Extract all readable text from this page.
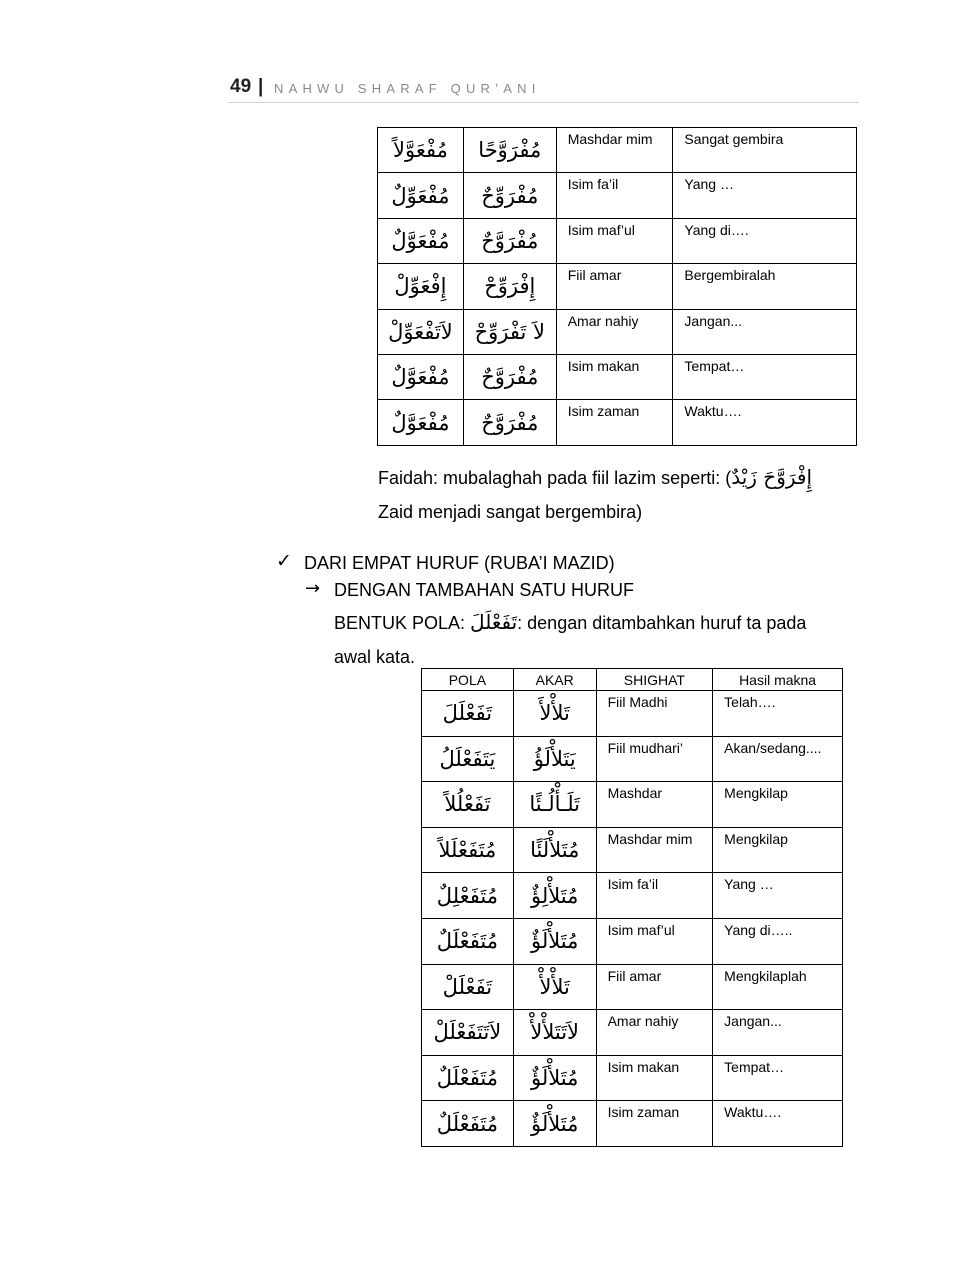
49 | NAHWU SHARAF QUR’ANI
مُفْعَوَّلاً	مُفْرَوَّحًا	Mashdar mim	Sangat gembira
مُفْعَوِّلٌ	مُفْرَوِّحٌ	Isim fa’il	Yang …
مُفْعَوَّلٌ	مُفْرَوَّحٌ	Isim maf’ul	Yang di….
إِفْعَوِّلْ	إِفْرَوِّحْ	Fiil amar	Bergembiralah
لاَتَفْعَوِّلْ	لاَ تَفْرَوِّحْ	Amar nahiy	Jangan...
مُفْعَوَّلٌ	مُفْرَوَّحٌ	Isim makan	Tempat…
مُفْعَوَّلٌ	مُفْرَوَّحٌ	Isim zaman	Waktu….
Faidah: mubalaghah pada fiil lazim seperti: (إِفْرَوَّحَ زَيْدٌ
Zaid menjadi sangat bergembira)
✓ DARI EMPAT HURUF (RUBA’I MAZID)
→ DENGAN TAMBAHAN SATU HURUF
BENTUK POLA: تَفَعْلَلَ: dengan ditambahkan huruf ta pada
awal kata.
POLA	AKAR	SHIGHAT	Hasil makna
تَفَعْلَلَ	تَلأْلأَ	Fiil Madhi	Telah….
يَتَفَعْلَلُ	يَتَلأْلَؤُ	Fiil mudhari’	Akan/sedang....
تَفَعْلُلاً	تَلَـأْلُـئًا	Mashdar	Mengkilap
مُتَفَعْلَلاً	مُتَلأْلَئًا	Mashdar mim	Mengkilap
مُتَفَعْلِلٌ	مُتَلأْلِؤٌ	Isim fa’il	Yang …
مُتَفَعْلَلٌ	مُتَلأْلَؤٌ	Isim maf’ul	Yang di…..
تَفَعْلَلْ	تَلأْلأْ	Fiil amar	Mengkilaplah
لاَتَتَفَعْلَلْ	لاَتَتَلأْلأْ	Amar nahiy	Jangan...
مُتَفَعْلَلٌ	مُتَلأْلَؤٌ	Isim makan	Tempat…
مُتَفَعْلَلٌ	مُتَلأْلَؤٌ	Isim zaman	Waktu….
